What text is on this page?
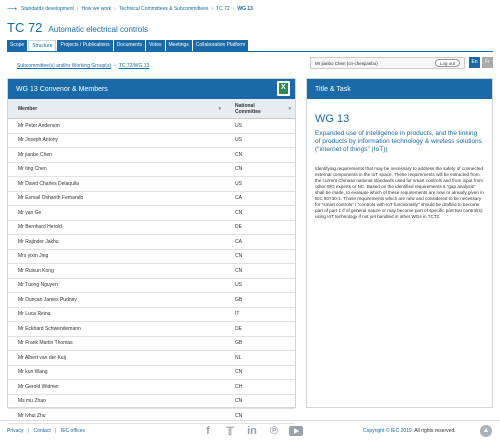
⟶ Standards development › How we work › Technical Committees & Subcommittees › TC 72 › WG 13
TC 72 Automatic electrical controls
Scope	Structure	Projects / Publications	Documents	Votes	Meetings	Collaboration Platform
Subcommittee(s) and/or Working Group(s) › TC 72/WG 13	Mr jianbo Chen (cn-chenjianbo)	Log out	En	Fr
WG 13 Convenor & Members
X
Member	▾
National
Committee	▾
Mr Peter Anderson	US
Mr Joseph Antony	US
Mr jianbo Chen	CN
Mr ting Chen	CN
Mr David Charles Delaquila	US
Mr Esmail Oshanth Fernando	CA
Mr yan Ge	CN
Mr Bernhard Herold	DE
Mr Rajinder Jakhu	CA
Mrs yixin Jing	CN
Mr Ruixun Kong	CN
Mr Tuong Nguyen	US
Mr Duncan James Pudney	GB
Mr Luca Reina	IT
Mr Eckhard Schwendemann	DE
Mr Frank Martin Thomas	GB
Mr Albert van der Kuij	NL
Mr kun Wang	CN
Mr Gerold Widmer	CH
Ms mu Zhao	CN
Mr lvhui Zhu	CN
Title & Task
WG 13
Expanded use of intelligence in products, and the linking of products by information technology & wireless solutions ("internet of things" (IoT))
Identifying requirements that may be necessary to address the safety of connected external components in the IoT space. These requirements will be extracted from the current Chinese national standards used for smart controls and from input from other WG experts or NC. Based on the identified requirements a "gap analysis" shall be made, to evaluate which of these requirements are new or already given in IEC 60730-1. Those requirements which are new and considered to be necessary for "smart controls" / "controls with IoT functionality" should be drafted to become part of part 1 if of general nature or may become part of specific part two control(s) using IoT technology if not yet handled in other WGs in TC72.
Privacy | Contact | IEC offices	f	𝕋 in ℗	Copyright © IEC 2019. All rights reserved.	▲
